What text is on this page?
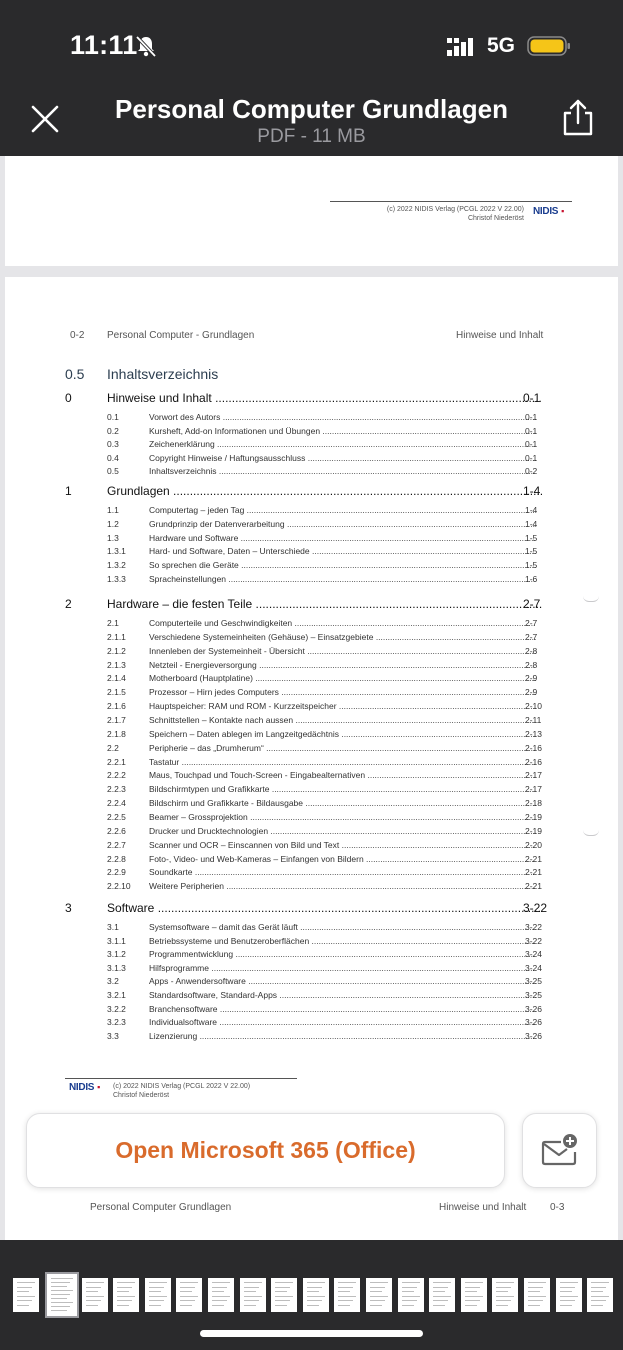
11:11	5G
Personal Computer Grundlagen
PDF - 11 MB
(c) 2022 NIDIS Verlag (PCGL 2022 V 22.00)
Christof Niederöst
NIDIS ▪
0-2 Personal Computer - Grundlagen	Hinweise und Inhalt
0.5 Inhaltsverzeichnis
0	Hinweise und Inhalt .....	0-1
0.1	Vorwort des Autors .....	0-1
0.2	Kursheft, Add-on Informationen und Übungen .....	0-1
0.3	Zeichenerklärung .....	0-1
0.4	Copyright Hinweise / Haftungsausschluss .....	0-1
0.5	Inhaltsverzeichnis .....	0-2
1	Grundlagen .....	1-4
1.1	Computertag – jeden Tag .....	1-4
1.2	Grundprinzip der Datenverarbeitung .....	1-4
1.3	Hardware und Software .....	1-5
1.3.1	Hard- und Software, Daten – Unterschiede .....	1-5
1.3.2	So sprechen die Geräte .....	1-5
1.3.3	Spracheinstellungen .....	1-6
2	Hardware – die festen Teile .....	2-7
2.1	Computerteile und Geschwindigkeiten .....	2-7
2.1.1	Verschiedene Systemeinheiten (Gehäuse) – Einsatzgebiete .....	2-7
2.1.2	Innenleben der Systemeinheit - Übersicht .....	2-8
2.1.3	Netzteil - Energieversorgung .....	2-8
2.1.4	Motherboard (Hauptplatine) .....	2-9
2.1.5	Prozessor – Hirn jedes Computers .....	2-9
2.1.6	Hauptspeicher: RAM und ROM - Kurzzeitspeicher .....	2-10
2.1.7	Schnittstellen – Kontakte nach aussen .....	2-11
2.1.8	Speichern – Daten ablegen im Langzeitgedächtnis .....	2-13
2.2	Peripherie – das „Drumherum“ .....	2-16
2.2.1	Tastatur .....	2-16
2.2.2	Maus, Touchpad und Touch-Screen - Eingabealternativen .....	2-17
2.2.3	Bildschirmtypen und Grafikkarte .....	2-17
2.2.4	Bildschirm und Grafikkarte - Bildausgabe .....	2-18
2.2.5	Beamer – Grossprojektion .....	2-19
2.2.6	Drucker und Drucktechnologien .....	2-19
2.2.7	Scanner und OCR – Einscannen von Bild und Text .....	2-20
2.2.8	Foto-, Video- und Web-Kameras – Einfangen von Bildern .....	2-21
2.2.9	Soundkarte .....	2-21
2.2.10 Weitere Peripherien .....	2-21
3	Software .....	3-22
3.1	Systemsoftware – damit das Gerät läuft .....	3-22
3.1.1	Betriebssysteme und Benutzeroberflächen .....	3-22
3.1.2	Programmentwicklung .....	3-24
3.1.3	Hilfsprogramme .....	3-24
3.2	Apps - Anwendersoftware .....	3-25
3.2.1	Standardsoftware, Standard-Apps .....	3-25
3.2.2	Branchensoftware .....	3-26
3.2.3	Individualsoftware .....	3-26
3.3	Lizenzierung .....	3-26
NIDIS ▪ (c) 2022 NIDIS Verlag (PCGL 2022 V 22.00)
Christof Niederöst
Personal Computer Grundlagen	Hinweise und Inhalt 0-3
Open Microsoft 365 (Office)
